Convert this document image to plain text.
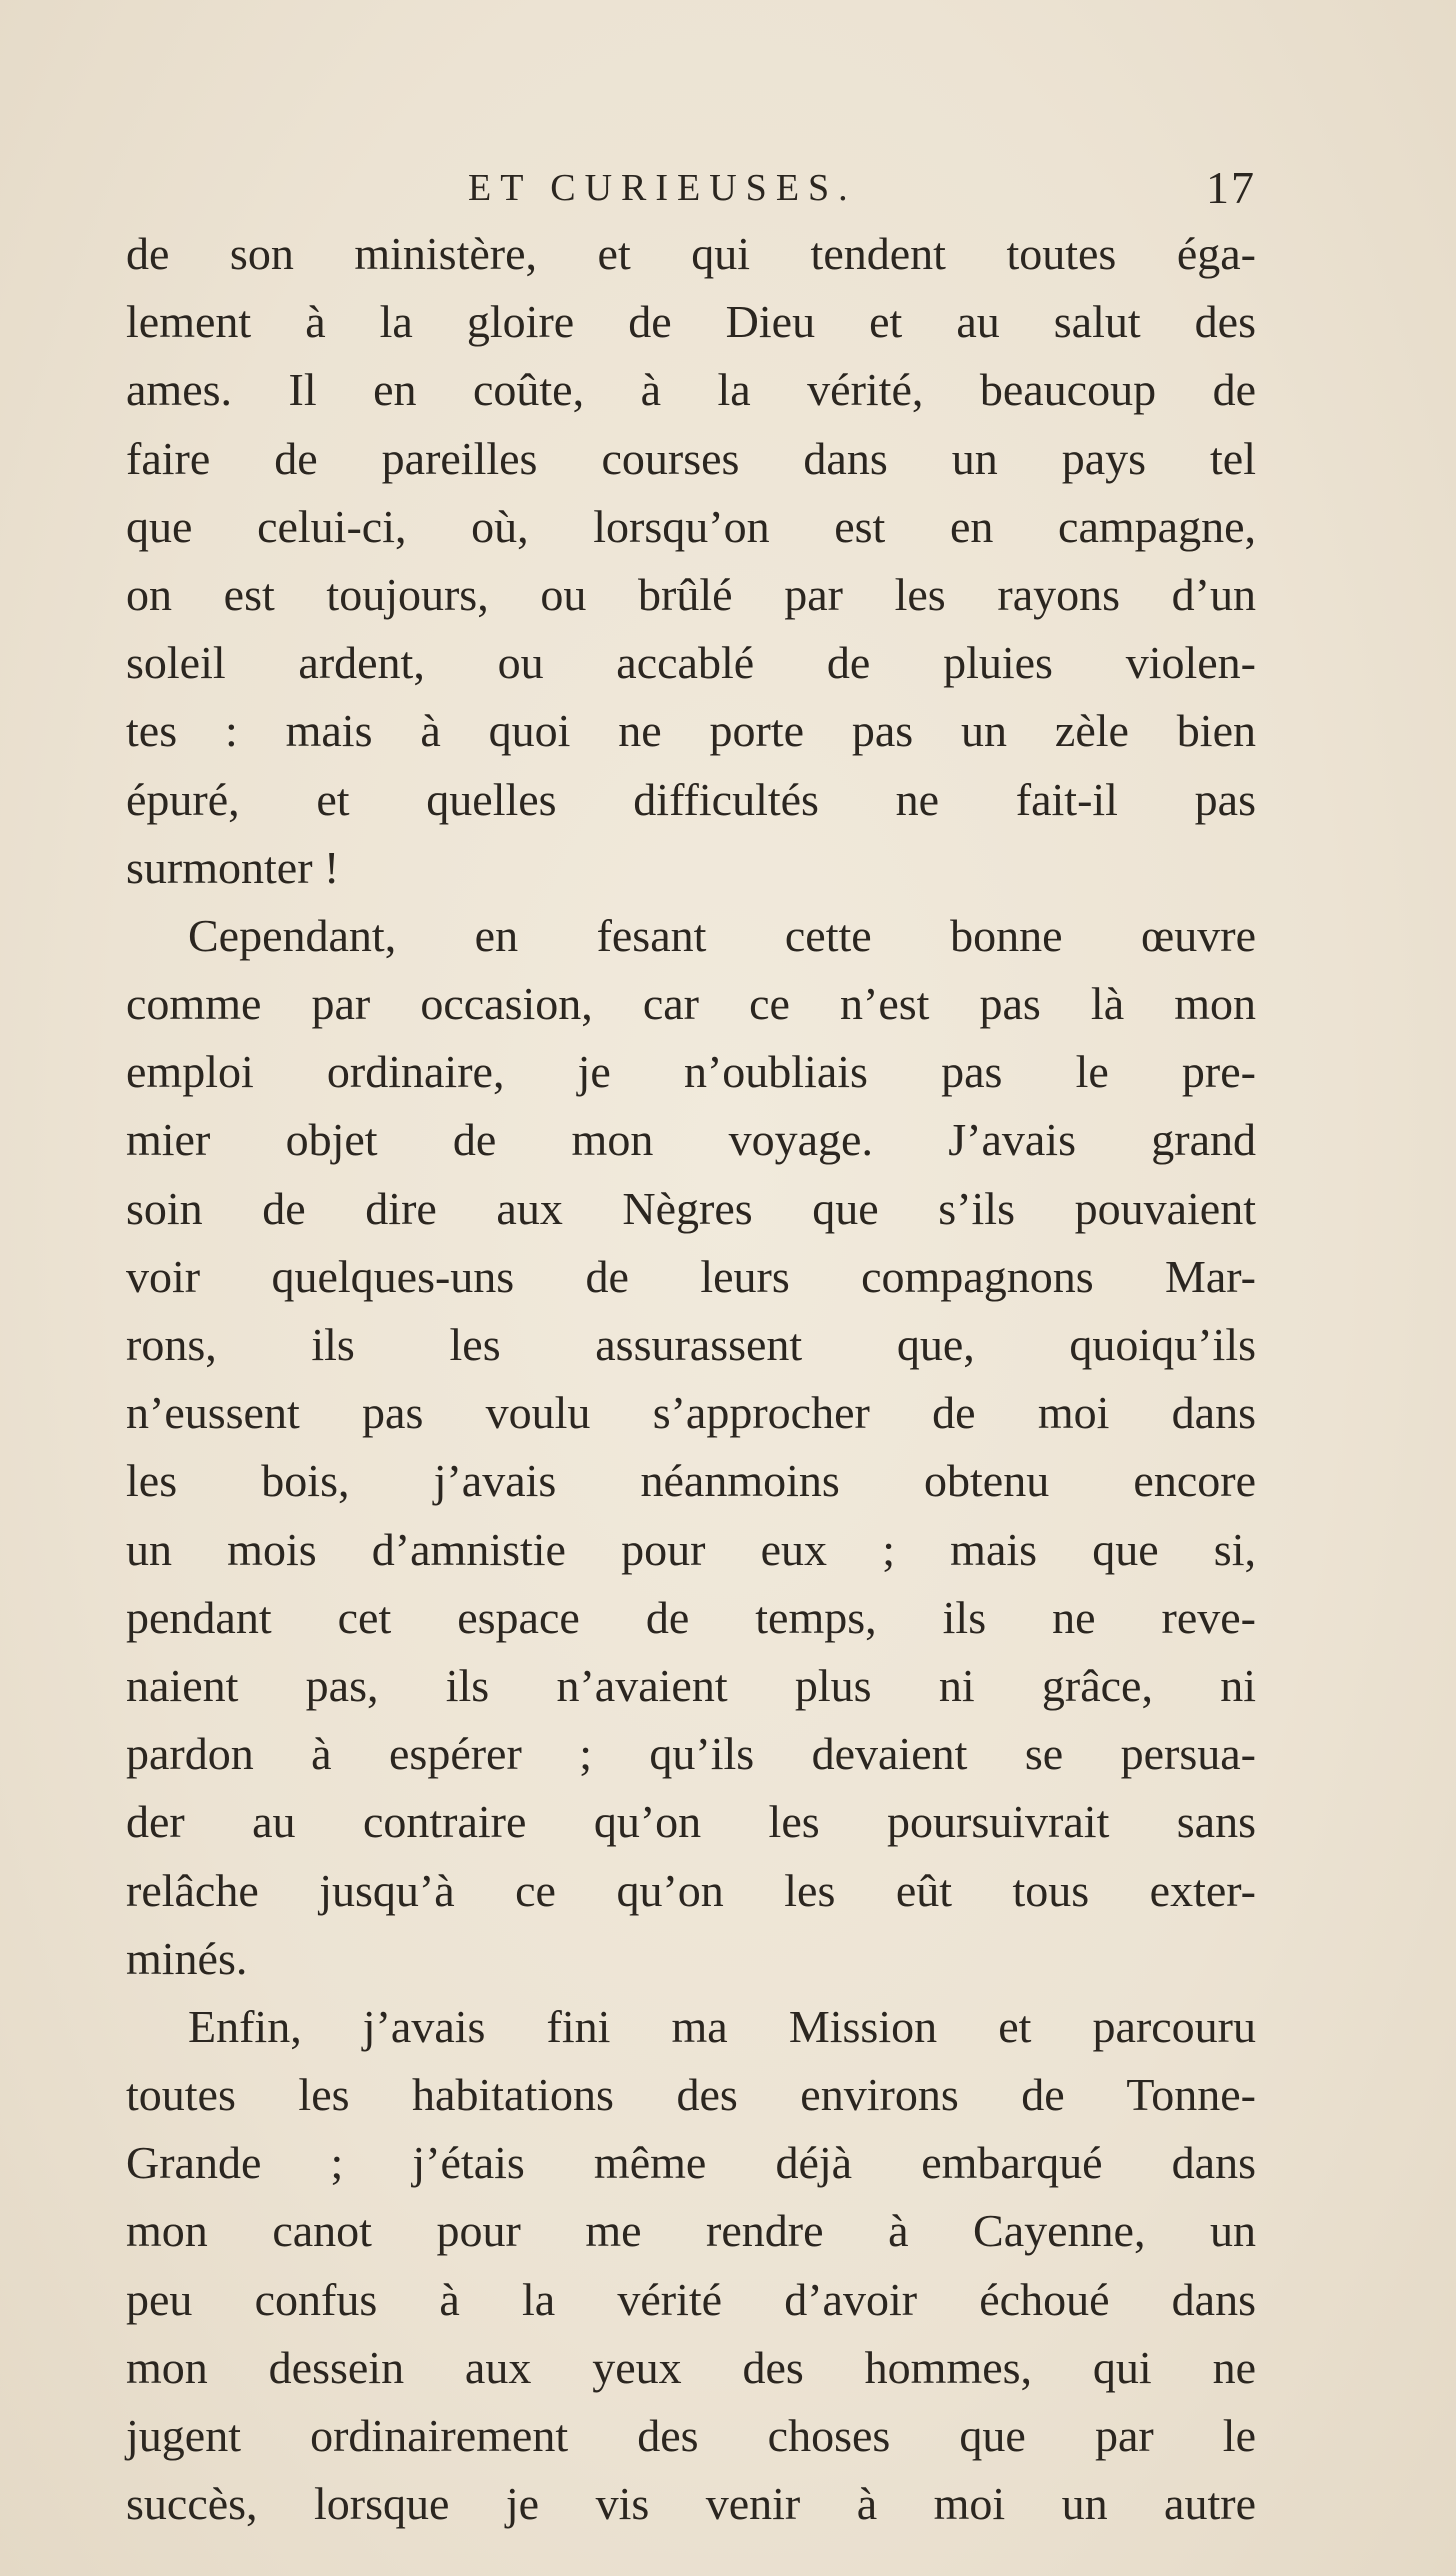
ET CURIEUSES.	17
de son ministère, et qui tendent toutes éga-
lement à la gloire de Dieu et au salut des
ames. Il en coûte, à la vérité, beaucoup de
faire de pareilles courses dans un pays tel
que celui-ci, où, lorsqu’on est en campagne,
on est toujours, ou brûlé par les rayons d’un
soleil ardent, ou accablé de pluies violen-
tes : mais à quoi ne porte pas un zèle bien
épuré, et quelles difficultés ne fait-il pas
surmonter !
Cependant, en fesant cette bonne œuvre
comme par occasion, car ce n’est pas là mon
emploi ordinaire, je n’oubliais pas le pre-
mier objet de mon voyage. J’avais grand
soin de dire aux Nègres que s’ils pouvaient
voir quelques-uns de leurs compagnons Mar-
rons, ils les assurassent que, quoiqu’ils
n’eussent pas voulu s’approcher de moi dans
les bois, j’avais néanmoins obtenu encore
un mois d’amnistie pour eux ; mais que si,
pendant cet espace de temps, ils ne reve-
naient pas, ils n’avaient plus ni grâce, ni
pardon à espérer ; qu’ils devaient se persua-
der au contraire qu’on les poursuivrait sans
relâche jusqu’à ce qu’on les eût tous exter-
minés.
Enfin, j’avais fini ma Mission et parcouru
toutes les habitations des environs de Tonne-
Grande ; j’étais même déjà embarqué dans
mon canot pour me rendre à Cayenne, un
peu confus à la vérité d’avoir échoué dans
mon dessein aux yeux des hommes, qui ne
jugent ordinairement des choses que par le
succès, lorsque je vis venir à moi un autre
